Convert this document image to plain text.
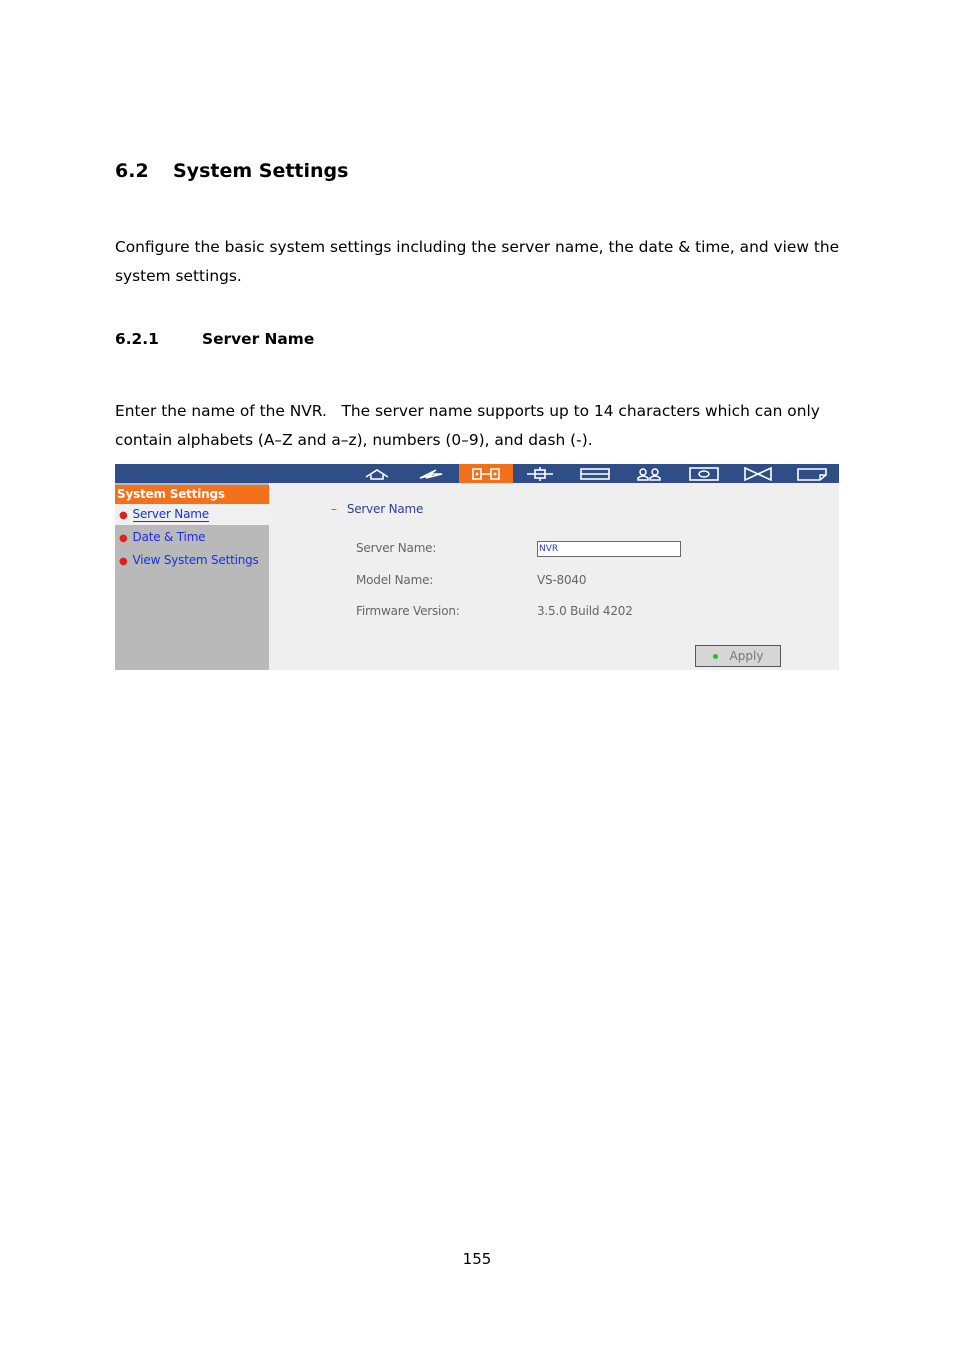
6.2 System Settings

Configure the basic system settings including the server name, the date & time, and view the system settings.

6.2.1	Server Name

Enter the name of the NVR.   The server name supports up to 14 characters which can only contain alphabets (A–Z and a–z), numbers (0–9), and dash (-).

System Settings
● Server Name
● Date & Time
● View System Settings
– Server Name
Server Name:
NVR
Model Name:	VS-8040
Firmware Version:	3.5.0 Build 4202
Apply
155
